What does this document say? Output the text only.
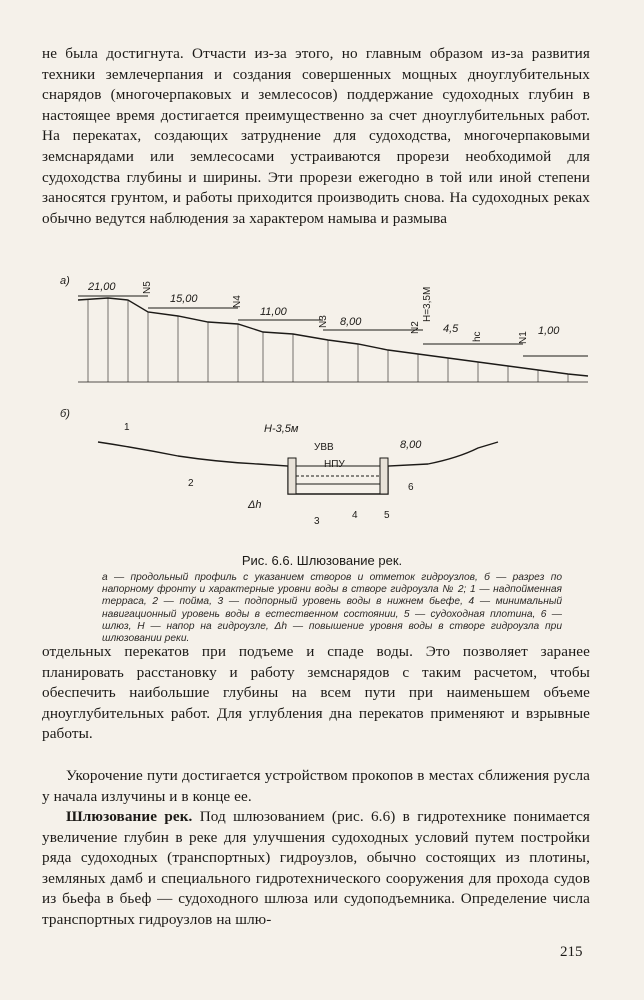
не была достигнута. Отчасти из-за этого, но главным образом из-за развития техники землечерпания и создания совершенных мощных дноуглубительных снарядов (многочерпаковых и землесосов) поддержание судоходных глубин в настоящее время достигается преимущественно за счет дноуглубительных работ. На перекатах, создающих затруднение для судоходства, многочерпаковыми земснарядами или землесосами устраиваются прорези необходимой для судоходства глубины и ширины. Эти прорези ежегодно в той или иной степени заносятся грунтом, и работы приходится производить снова. На судоходных реках обычно ведутся наблюдения за характером намыва и размыва

а) 21,00
15,00
11,00
8,00
4,5	1,00
N5
N4
N3	N2
N1
H=3,5M
hс
б)
H-3,5м
УВВ
НПУ
8,00
Δh
1
2
3
4	5
6
Рис. 6.6. Шлюзование рек.
а — продольный профиль с указанием створов и отметок гидроузлов, б — разрез по напорному фронту и характерные уровни воды в створе гидроузла № 2; 1 — надпойменная терраса, 2 — пойма, 3 — подпорный уровень воды в нижнем бьефе, 4 — минимальный навигационный уровень воды в естественном состоянии, 5 — судоходная плотина, 6 — шлюз, H — напор на гидроузле, Δh — повышение уровня воды в створе гидроузла при шлюзовании реки.

отдельных перекатов при подъеме и спаде воды. Это позволяет заранее планировать расстановку и работу земснарядов с таким расчетом, чтобы обеспечить наибольшие глубины на всем пути при наименьшем объеме дноуглубительных работ. Для углубления дна перекатов применяют и взрывные работы.

Укорочение пути достигается устройством прокопов в местах сближения русла у начала излучины и в конце ее.

Шлюзование рек. Под шлюзованием (рис. 6.6) в гидротехнике понимается увеличение глубин в реке для улучшения судоходных условий путем постройки ряда судоходных (транспортных) гидроузлов, обычно состоящих из плотины, земляных дамб и специального гидротехнического сооружения для прохода судов из бьефа в бьеф — судоходного шлюза или судоподъемника. Определение числа транспортных гидроузлов на шлю-

215
